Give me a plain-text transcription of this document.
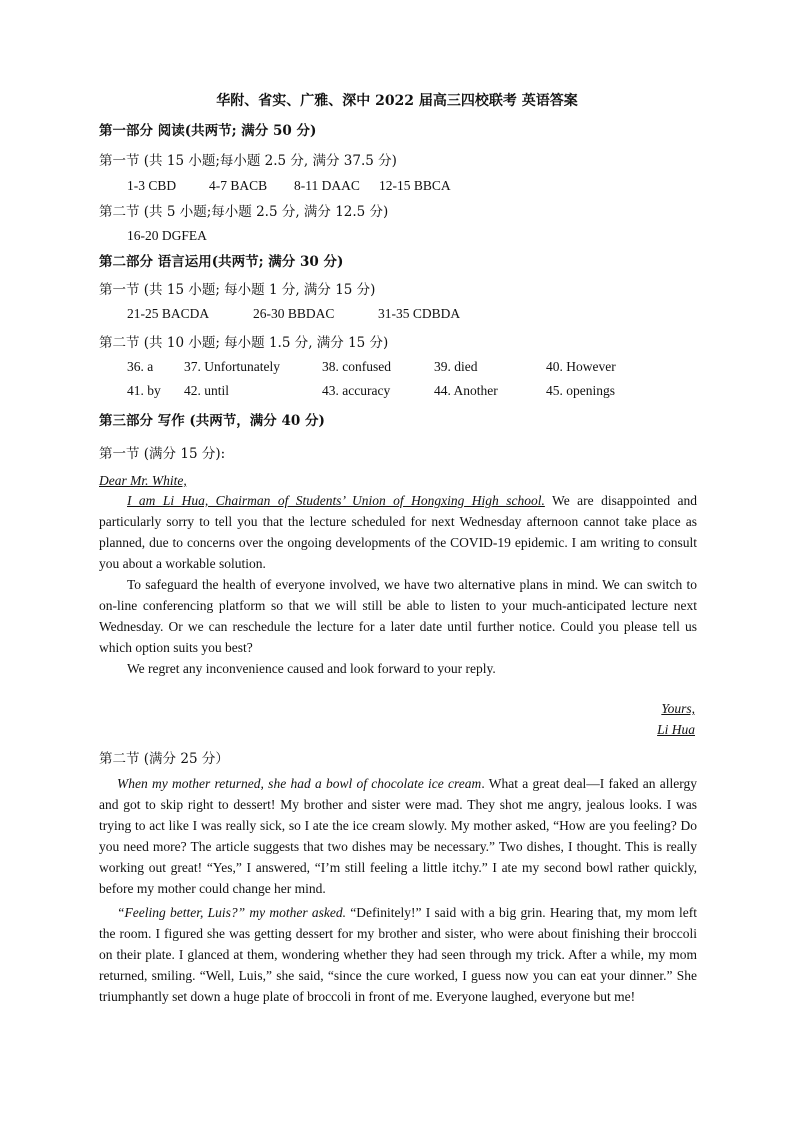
华附、省实、广雅、深中 2022 届高三四校联考 英语答案
第一部分 阅读(共两节; 满分 50 分)
第一节 (共 15 小题;每小题 2.5 分, 满分 37.5 分)
1-3 CBD 4-7 BACB 8-11 DAAC 12-15 BBCA
第二节 (共 5 小题;每小题 2.5 分, 满分 12.5 分)
16-20 DGFEA
第二部分 语言运用(共两节; 满分 30 分)
第一节 (共 15 小题; 每小题 1 分, 满分 15 分)
21-25 BACDA	26-30 BBDAC	31-35 CDBDA
第二节 (共 10 小题; 每小题 1.5 分, 满分 15 分)
36. a 37. Unfortunately	38. confused	39. died	40. However
41. by 42. until	43. accuracy	44. Another	45. openings
第三部分 写作 (共两节，满分 40 分)
第一节 (满分 15 分):
Dear Mr. White,
I am Li Hua, Chairman of Students’ Union of Hongxing High school. We are disappointed and particularly sorry to tell you that the lecture scheduled for next Wednesday afternoon cannot take place as planned, due to concerns over the ongoing developments of the COVID-19 epidemic. I am writing to consult you about a workable solution.
To safeguard the health of everyone involved, we have two alternative plans in mind. We can switch to on-line conferencing platform so that we will still be able to listen to your much-anticipated lecture next Wednesday. Or we can reschedule the lecture for a later date until further notice. Could you please tell us which option suits you best?
We regret any inconvenience caused and look forward to your reply.
Yours,
Li Hua
第二节 (满分 25 分）
When my mother returned, she had a bowl of chocolate ice cream. What a great deal—I faked an allergy and got to skip right to dessert! My brother and sister were mad. They shot me angry, jealous looks. I was trying to act like I was really sick, so I ate the ice cream slowly. My mother asked, “How are you feeling? Do you need more? The article suggests that two dishes may be necessary.” Two dishes, I thought. This is really working out great! “Yes,” I answered, “I’m still feeling a little itchy.” I ate my second bowl rather quickly, before my mother could change her mind.
“Feeling better, Luis?” my mother asked. “Definitely!” I said with a big grin. Hearing that, my mom left the room. I figured she was getting dessert for my brother and sister, who were about finishing their broccoli on their plate. I glanced at them, wondering whether they had seen through my trick. After a while, my mom returned, smiling. “Well, Luis,” she said, “since the cure worked, I guess now you can eat your dinner.” She triumphantly set down a huge plate of broccoli in front of me. Everyone laughed, everyone but me!
